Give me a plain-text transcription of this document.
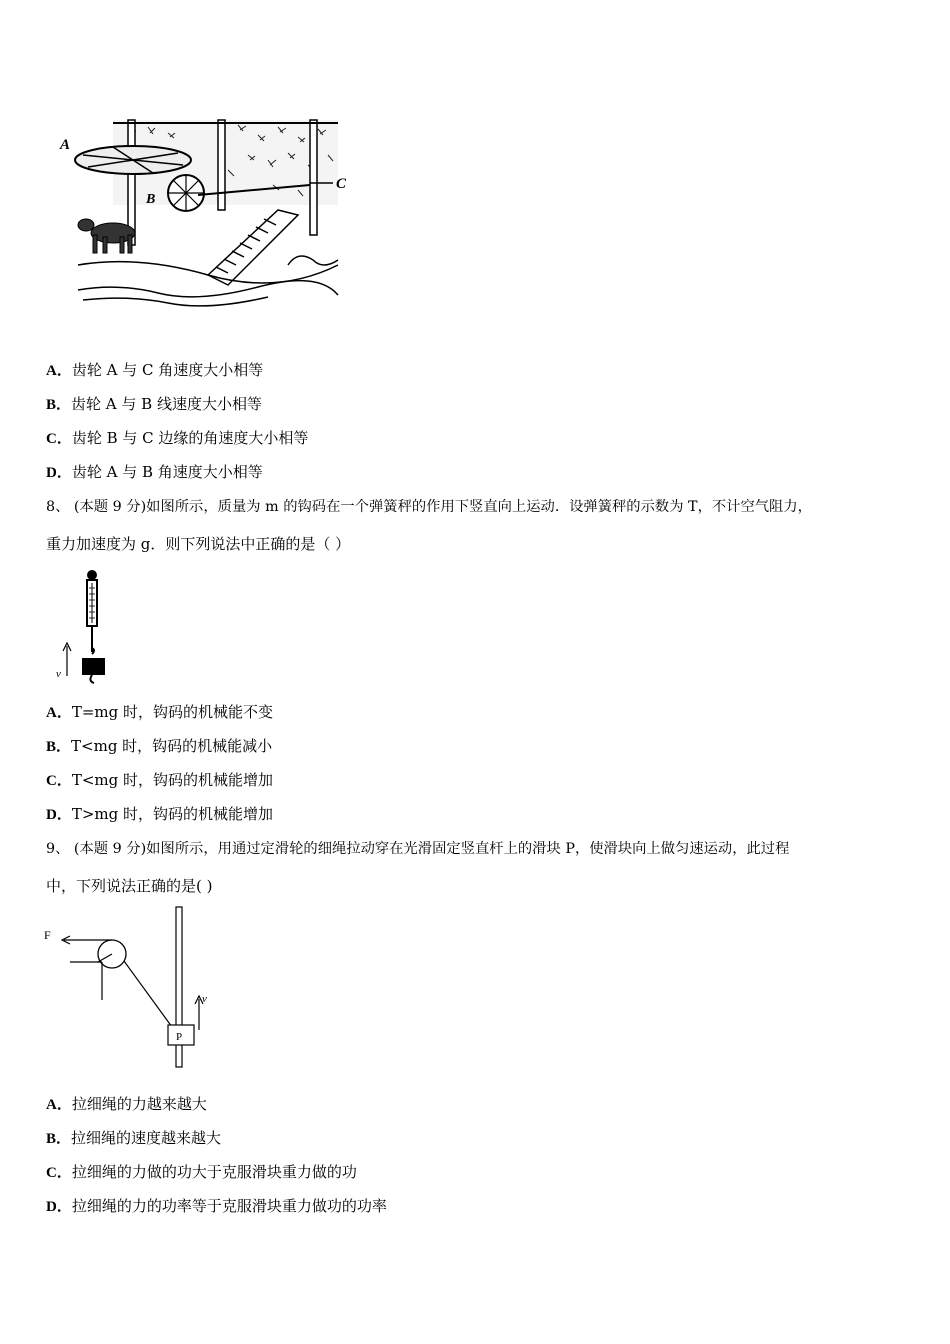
A
B
C
A．齿轮 A 与 C 角速度大小相等
B．齿轮 A 与 B 线速度大小相等
C．齿轮 B 与 C 边缘的角速度大小相等
D．齿轮 A 与 B 角速度大小相等
8、 (本题 9 分)如图所示，质量为 m 的钩码在一个弹簧秤的作用下竖直向上运动．设弹簧秤的示数为 T，不计空气阻力，
重力加速度为 g．则下列说法中正确的是（ ）
v
A．T=mg 时，钩码的机械能不变
B．T<mg 时，钩码的机械能减小
C．T<mg 时，钩码的机械能增加
D．T>mg 时，钩码的机械能增加
9、 (本题 9 分)如图所示，用通过定滑轮的细绳拉动穿在光滑固定竖直杆上的滑块 P，使滑块向上做匀速运动，此过程
中，下列说法正确的是( )
P
v
F
A．拉细绳的力越来越大
B．拉细绳的速度越来越大
C．拉细绳的力做的功大于克服滑块重力做的功
D．拉细绳的力的功率等于克服滑块重力做功的功率
